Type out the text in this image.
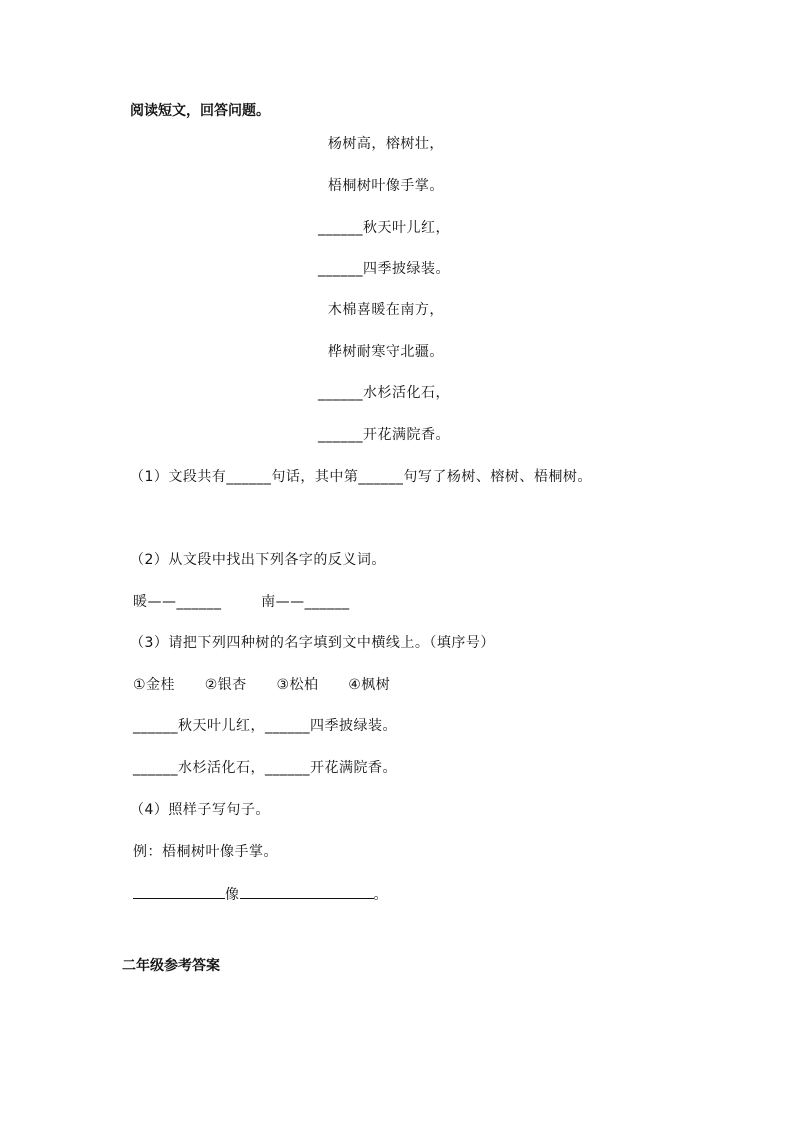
阅读短文，回答问题。
杨树高，榕树壮，
梧桐树叶像手掌。
______秋天叶儿红，
______四季披绿装。
木棉喜暖在南方，
桦树耐寒守北疆。
______水杉活化石，
______开花满院香。
（1）文段共有______句话，其中第______句写了杨树、榕树、梧桐树。
（2）从文段中找出下列各字的反义词。
暖——______        南——______
（3）请把下列四种树的名字填到文中横线上。（填序号）
①金桂      ②银杏      ③松柏      ④枫树
______秋天叶儿红，______四季披绿装。
______水杉活化石，______开花满院香。
（4）照样子写句子。
例：梧桐树叶像手掌。
像	。
二年级参考答案
